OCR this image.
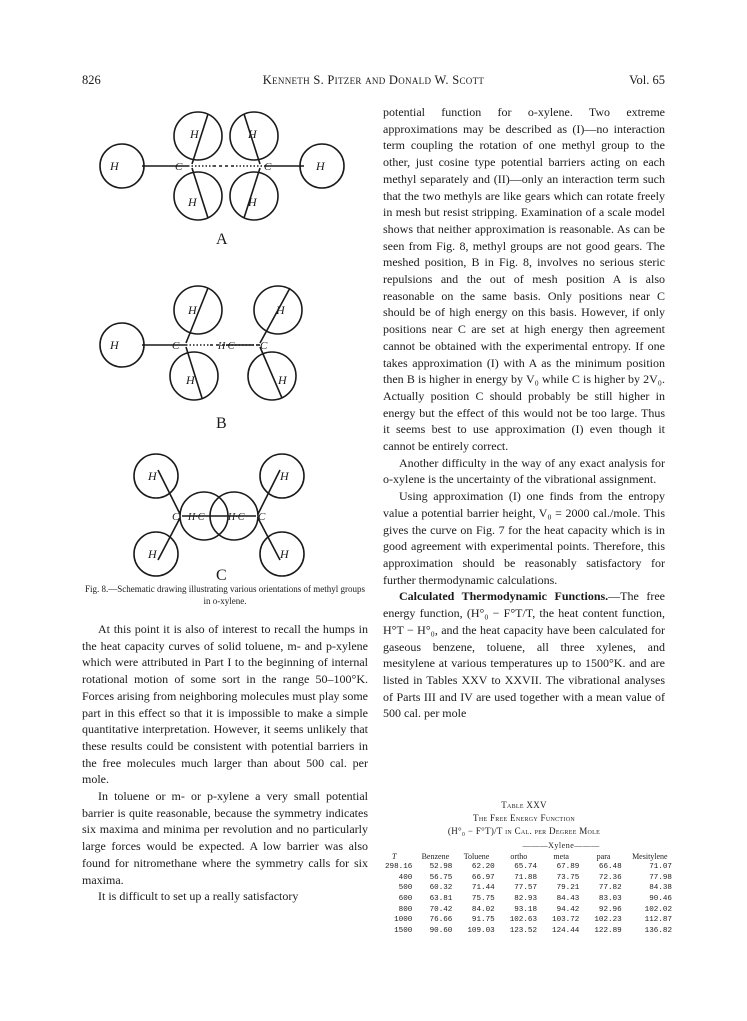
826	Kenneth S. Pitzer and Donald W. Scott	Vol. 65
H	H
H	H
H	H
C	C
A
H	H
H	H
H	C	C
H·C
B
H	H
H	H
C	C
H·C H·C
C
Fig. 8.—Schematic drawing illustrating various orientations of methyl groups in o-xylene.

At this point it is also of interest to recall the humps in the heat capacity curves of solid toluene, m- and p-xylene which were attributed in Part I to the beginning of internal rotational motion of some sort in the range 50–100°K. Forces arising from neighboring molecules must play some part in this effect so that it is impossible to make a simple quantitative interpretation. However, it seems unlikely that these results could be consistent with potential barriers in the free molecules much larger than about 500 cal. per mole.

In toluene or m- or p-xylene a very small potential barrier is quite reasonable, because the symmetry indicates six maxima and minima per revolution and no particularly large forces would be expected. A low barrier was also found for nitromethane where the symmetry calls for six maxima.

It is difficult to set up a really satisfactory

potential function for o-xylene. Two extreme approximations may be described as (I)—no interaction term coupling the rotation of one methyl group to the other, just cosine type potential barriers acting on each methyl separately and (II)—only an interaction term such that the two methyls are like gears which can rotate freely in mesh but resist stripping. Examination of a scale model shows that neither approximation is reasonable. As can be seen from Fig. 8, methyl groups are not good gears. The meshed position, B in Fig. 8, involves no serious steric repulsions and the out of mesh position A is also reasonable on the same basis. Only positions near C should be of high energy on this basis. However, if only positions near C are set at high energy then agreement cannot be obtained with the experimental entropy. If one takes approximation (I) with A as the minimum position then B is higher in energy by V₀ while C is higher by 2V₀. Actually position C should probably be still higher in energy but the effect of this would not be too large. Thus it seems best to use approximation (I) even though it cannot be entirely correct.

Another difficulty in the way of any exact analysis for o-xylene is the uncertainty of the vibrational assignment.

Using approximation (I) one finds from the entropy value a potential barrier height, V₀ = 2000 cal./mole. This gives the curve on Fig. 7 for the heat capacity which is in good agreement with experimental points. Therefore, this approximation should be reasonably satisfactory for further thermodynamic calculations.

Calculated Thermodynamic Functions.—The free energy function, (H°₀ − F°T/T, the heat content function, H°T − H°₀, and the heat capacity have been calculated for gaseous benzene, toluene, all three xylenes, and mesitylene at various temperatures up to 1500°K. and are listed in Tables XXV to XXVII. The vibrational analyses of Parts III and IV are used together with a mean value of 500 cal. per mole

Table XXV
The Free Energy Function
(H°₀ − F°T)/T in Cal. per Degree Mole
			———Xylene———			
T	Benzene	Toluene	ortho	meta	para	Mesitylene
298.16	52.98	62.20	65.74	67.89	66.48	71.07
400	56.75	66.97	71.88	73.75	72.36	77.98
500	60.32	71.44	77.57	79.21	77.82	84.38
600	63.81	75.75	82.93	84.43	83.03	90.46
800	70.42	84.02	93.18	94.42	92.96	102.02
1000	76.66	91.75	102.63	103.72	102.23	112.87
1500	90.60	109.03	123.52	124.44	122.89	136.82
